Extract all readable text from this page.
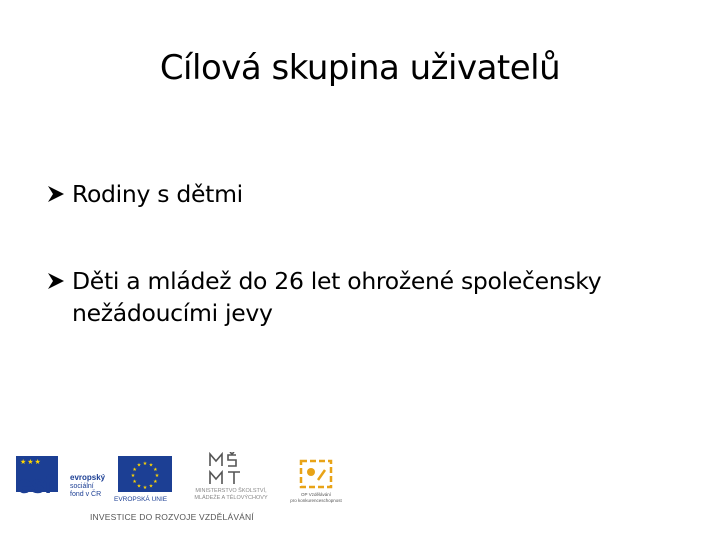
Cílová skupina uživatelů
Rodiny s dětmi
Děti a mládež do 26 let ohrožené společensky nežádoucími jevy
★★★
esf evropský
sociální
fond v ČR
★ ★
★
★
★
★
★
★
★
★
★
★
EVROPSKÁ UNIE
MINISTERSTVO ŠKOLSTVÍ,
MLÁDEŽE A TĚLOVÝCHOVY
OP Vzdělávání
pro konkurenceschopnost
INVESTICE DO ROZVOJE VZDĚLÁVÁNÍ
